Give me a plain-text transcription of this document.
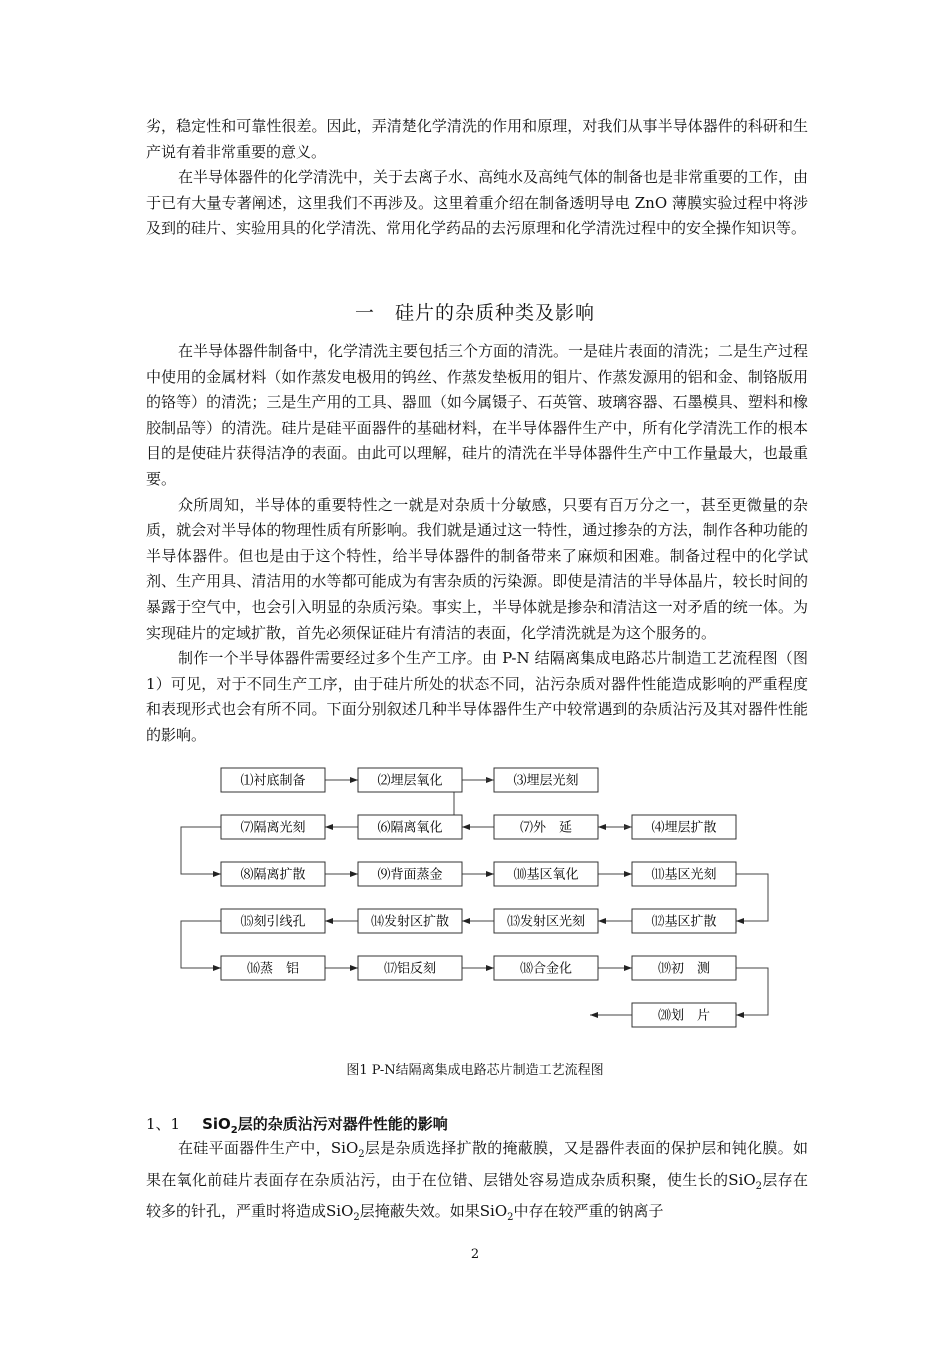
劣，稳定性和可靠性很差。因此，弄清楚化学清洗的作用和原理，对我们从事半导体器件的科研和生产说有着非常重要的意义。

在半导体器件的化学清洗中，关于去离子水、高纯水及高纯气体的制备也是非常重要的工作，由于已有大量专著阐述，这里我们不再涉及。这里着重介绍在制备透明导电 ZnO 薄膜实验过程中将涉及到的硅片、实验用具的化学清洗、常用化学药品的去污原理和化学清洗过程中的安全操作知识等。

一　硅片的杂质种类及影响

在半导体器件制备中，化学清洗主要包括三个方面的清洗。一是硅片表面的清洗；二是生产过程中使用的金属材料（如作蒸发电极用的钨丝、作蒸发垫板用的钼片、作蒸发源用的铝和金、制铬版用的铬等）的清洗；三是生产用的工具、器皿（如今属镊子、石英管、玻璃容器、石墨模具、塑料和橡胶制品等）的清洗。硅片是硅平面器件的基础材料，在半导体器件生产中，所有化学清洗工作的根本目的是使硅片获得洁净的表面。由此可以理解，硅片的清洗在半导体器件生产中工作量最大，也最重要。

众所周知，半导体的重要特性之一就是对杂质十分敏感，只要有百万分之一，甚至更微量的杂质，就会对半导体的物理性质有所影响。我们就是通过这一特性，通过掺杂的方法，制作各种功能的半导体器件。但也是由于这个特性，给半导体器件的制备带来了麻烦和困难。制备过程中的化学试剂、生产用具、清洁用的水等都可能成为有害杂质的污染源。即使是清洁的半导体晶片，较长时间的暴露于空气中，也会引入明显的杂质污染。事实上，半导体就是掺杂和清洁这一对矛盾的统一体。为实现硅片的定域扩散，首先必须保证硅片有清洁的表面，化学清洗就是为这个服务的。

制作一个半导体器件需要经过多个生产工序。由 P-N 结隔离集成电路芯片制造工艺流程图（图 1）可见，对于不同生产工序，由于硅片所处的状态不同，沾污杂质对器件性能造成影响的严重程度和表现形式也会有所不同。下面分别叙述几种半导体器件生产中较常遇到的杂质沾污及其对器件性能的影响。

⑴衬底制备	⑵埋层氧化	⑶埋层光刻
⑷埋层扩散
⑺外　延
⑹隔离氧化
⑺隔离光刻
⑻隔离扩散	⑼背面蒸金	⑽基区氧化	⑾基区光刻
⑿基区扩散
⒀发射区光刻
⒁发射区扩散
⒂刻引线孔
⒃蒸　铝	⒄铝反刻	⒅合金化	⒆初　测
⒇划　片
图1 P-N结隔离集成电路芯片制造工艺流程图
1、1 SiO$_2$层的杂质沾污对器件性能的影响

在硅平面器件生产中，SiO$_2$层是杂质选择扩散的掩蔽膜，又是器件表面的保护层和钝化膜。如果在氧化前硅片表面存在杂质沾污，由于在位错、层错处容易造成杂质积聚，使生长的SiO$_2$层存在较多的针孔，严重时将造成SiO$_2$层掩蔽失效。如果SiO$_2$中存在较严重的钠离子

2
